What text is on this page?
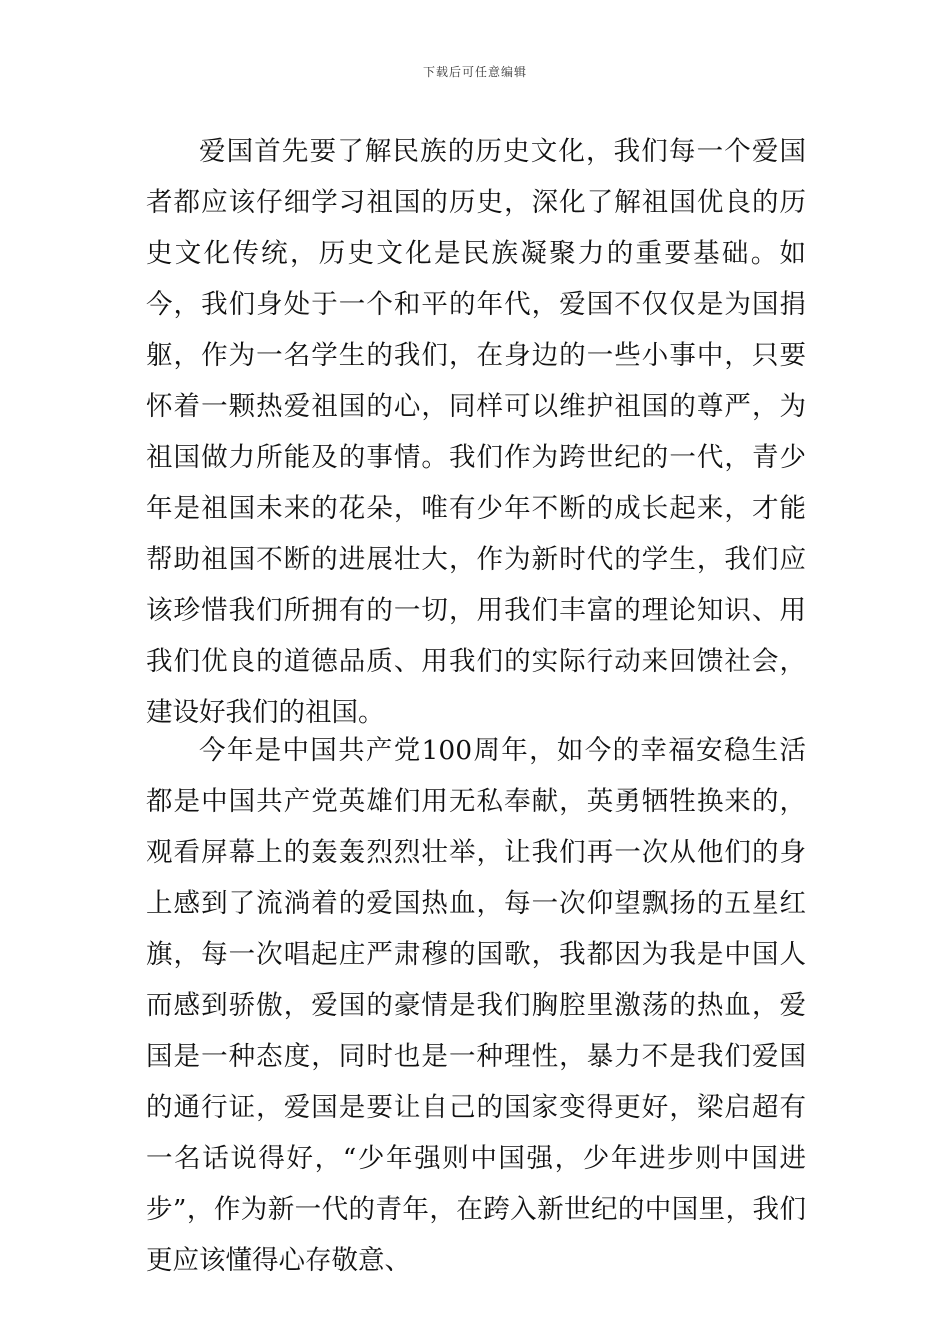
下载后可任意编辑

爱国首先要了解民族的历史文化，我们每一个爱国者都应该仔细学习祖国的历史，深化了解祖国优良的历史文化传统，历史文化是民族凝聚力的重要基础。如今，我们身处于一个和平的年代，爱国不仅仅是为国捐躯，作为一名学生的我们，在身边的一些小事中，只要怀着一颗热爱祖国的心，同样可以维护祖国的尊严，为祖国做力所能及的事情。我们作为跨世纪的一代，青少年是祖国未来的花朵，唯有少年不断的成长起来，才能帮助祖国不断的进展壮大，作为新时代的学生，我们应该珍惜我们所拥有的一切，用我们丰富的理论知识、用我们优良的道德品质、用我们的实际行动来回馈社会，建设好我们的祖国。

今年是中国共产党100周年，如今的幸福安稳生活都是中国共产党英雄们用无私奉献，英勇牺牲换来的，观看屏幕上的轰轰烈烈壮举，让我们再一次从他们的身上感到了流淌着的爱国热血，每一次仰望飘扬的五星红旗，每一次唱起庄严肃穆的国歌，我都因为我是中国人而感到骄傲，爱国的豪情是我们胸腔里激荡的热血，爱国是一种态度，同时也是一种理性，暴力不是我们爱国的通行证，爱国是要让自己的国家变得更好，梁启超有一名话说得好，“少年强则中国强，少年进步则中国进步”，作为新一代的青年，在跨入新世纪的中国里，我们更应该懂得心存敬意、
